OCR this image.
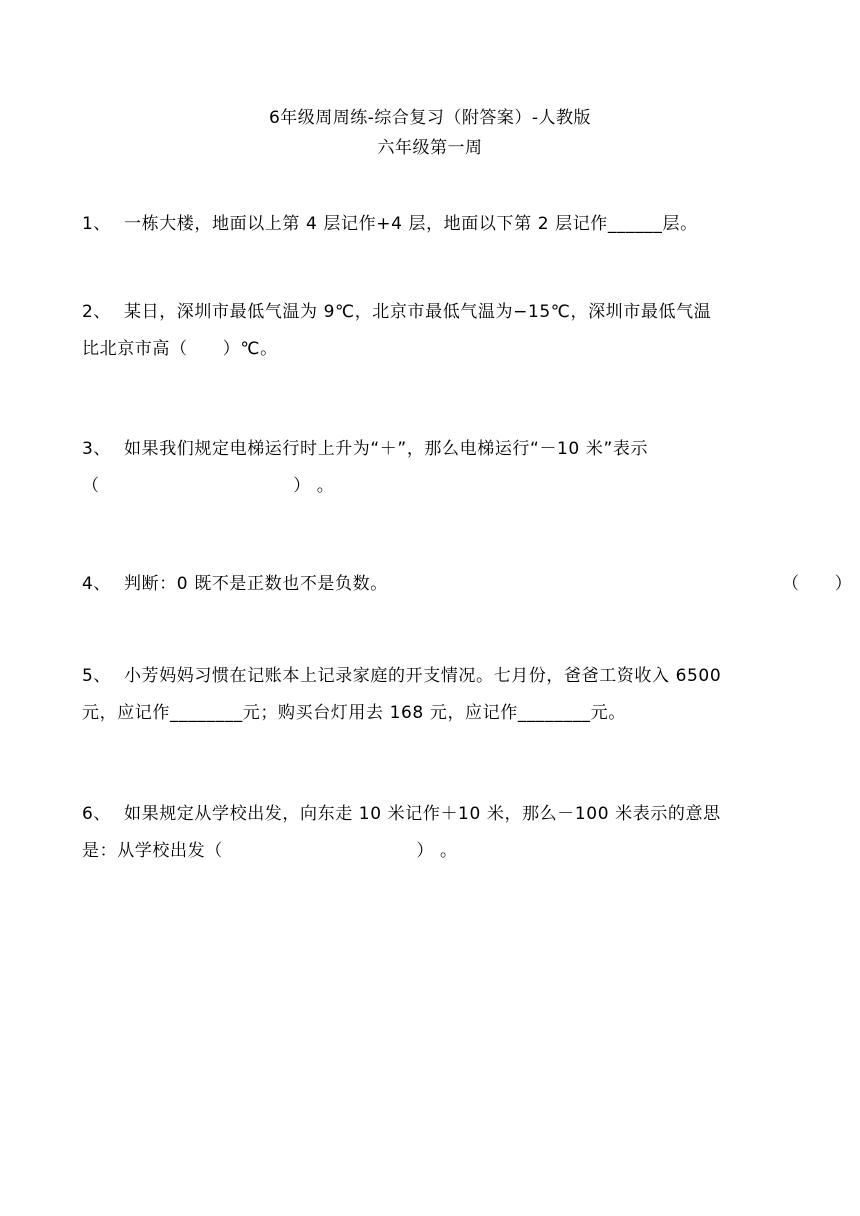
6年级周周练-综合复习（附答案）-人教版
六年级第一周
1、 一栋大楼，地面以上第 4 层记作+4 层，地面以下第 2 层记作______层。
2、 某日，深圳市最低气温为 9℃，北京市最低气温为−15℃，深圳市最低气温
比北京市高（　　）℃。
3、 如果我们规定电梯运行时上升为“＋”，那么电梯运行“－10 米”表示
（　　　　　　　　　　　） 。
4、 判断：0 既不是正数也不是负数。	（　　）
5、 小芳妈妈习惯在记账本上记录家庭的开支情况。七月份，爸爸工资收入 6500
元，应记作________元；购买台灯用去 168 元，应记作________元。
6、 如果规定从学校出发，向东走 10 米记作＋10 米，那么－100 米表示的意思
是：从学校出发（　　　　　　　　　　　） 。
